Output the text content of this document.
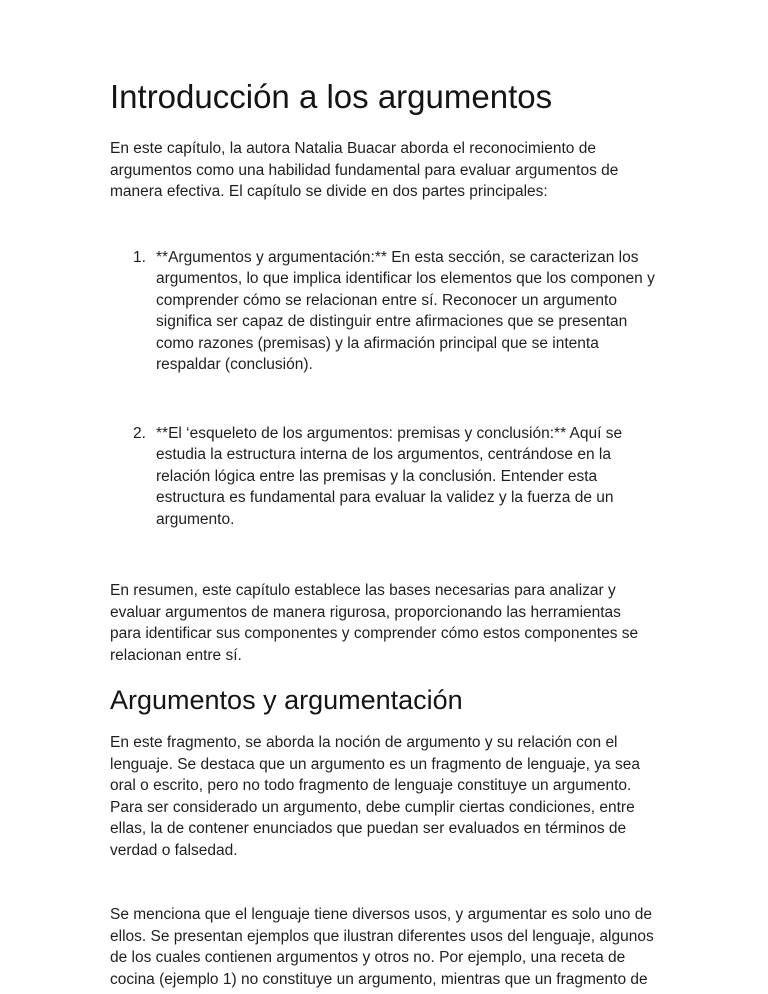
Introducción a los argumentos

En este capítulo, la autora Natalia Buacar aborda el reconocimiento de argumentos como una habilidad fundamental para evaluar argumentos de manera efectiva. El capítulo se divide en dos partes principales:

1. **Argumentos y argumentación:** En esta sección, se caracterizan los argumentos, lo que implica identificar los elementos que los componen y comprender cómo se relacionan entre sí. Reconocer un argumento significa ser capaz de distinguir entre afirmaciones que se presentan como razones (premisas) y la afirmación principal que se intenta respaldar (conclusión).
2. **El ‘esqueleto de los argumentos: premisas y conclusión:** Aquí se estudia la estructura interna de los argumentos, centrándose en la relación lógica entre las premisas y la conclusión. Entender esta estructura es fundamental para evaluar la validez y la fuerza de un argumento.

En resumen, este capítulo establece las bases necesarias para analizar y evaluar argumentos de manera rigurosa, proporcionando las herramientas para identificar sus componentes y comprender cómo estos componentes se relacionan entre sí.

Argumentos y argumentación

En este fragmento, se aborda la noción de argumento y su relación con el lenguaje. Se destaca que un argumento es un fragmento de lenguaje, ya sea oral o escrito, pero no todo fragmento de lenguaje constituye un argumento. Para ser considerado un argumento, debe cumplir ciertas condiciones, entre ellas, la de contener enunciados que puedan ser evaluados en términos de verdad o falsedad.

Se menciona que el lenguaje tiene diversos usos, y argumentar es solo uno de ellos. Se presentan ejemplos que ilustran diferentes usos del lenguaje, algunos de los cuales contienen argumentos y otros no. Por ejemplo, una receta de cocina (ejemplo 1) no constituye un argumento, mientras que un fragmento de
